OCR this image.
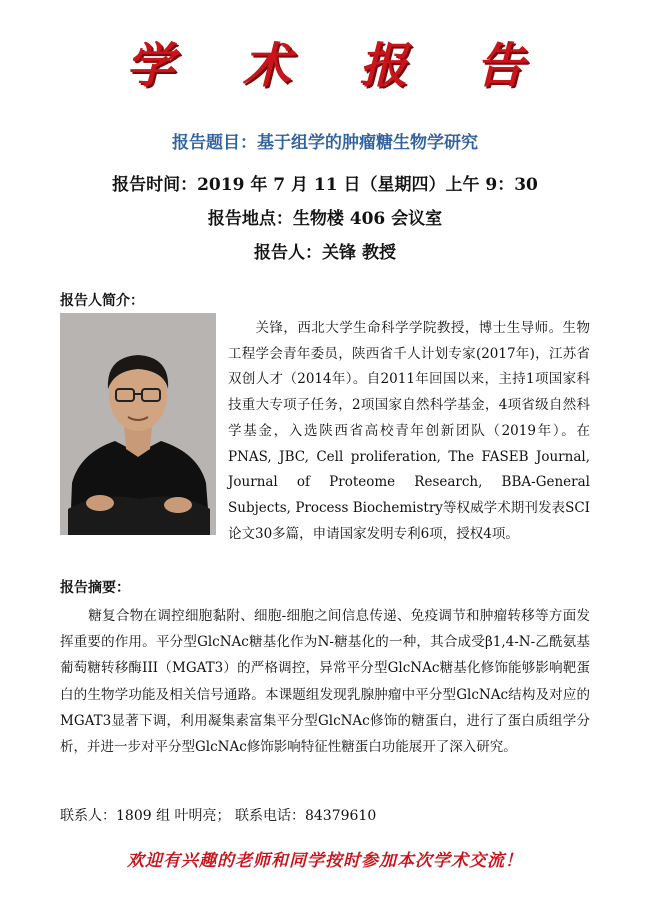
学 术 报 告
报告题目：基于组学的肿瘤糖生物学研究
报告时间：2019 年 7 月 11 日（星期四）上午 9：30
报告地点：生物楼 406 会议室
报告人：关锋 教授
报告人简介：
关锋，西北大学生命科学学院教授，博士生导师。生物工程学会青年委员，陕西省千人计划专家(2017年)，江苏省双创人才（2014年）。自2011年回国以来，主持1项国家科技重大专项子任务，2项国家自然科学基金，4项省级自然科学基金，入选陕西省高校青年创新团队（2019年）。在PNAS, JBC, Cell proliferation, The FASEB Journal, Journal of Proteome Research, BBA-General Subjects, Process Biochemistry等权威学术期刊发表SCI论文30多篇，申请国家发明专利6项，授权4项。
报告摘要：
糖复合物在调控细胞黏附、细胞-细胞之间信息传递、免疫调节和肿瘤转移等方面发挥重要的作用。平分型GlcNAc糖基化作为N-糖基化的一种，其合成受β1,4-N-乙酰氨基葡萄糖转移酶III（MGAT3）的严格调控，异常平分型GlcNAc糖基化修饰能够影响靶蛋白的生物学功能及相关信号通路。本课题组发现乳腺肿瘤中平分型GlcNAc结构及对应的MGAT3显著下调，利用凝集素富集平分型GlcNAc修饰的糖蛋白，进行了蛋白质组学分析，并进一步对平分型GlcNAc修饰影响特征性糖蛋白功能展开了深入研究。
联系人：1809 组 叶明亮； 联系电话：84379610
欢迎有兴趣的老师和同学按时参加本次学术交流！
